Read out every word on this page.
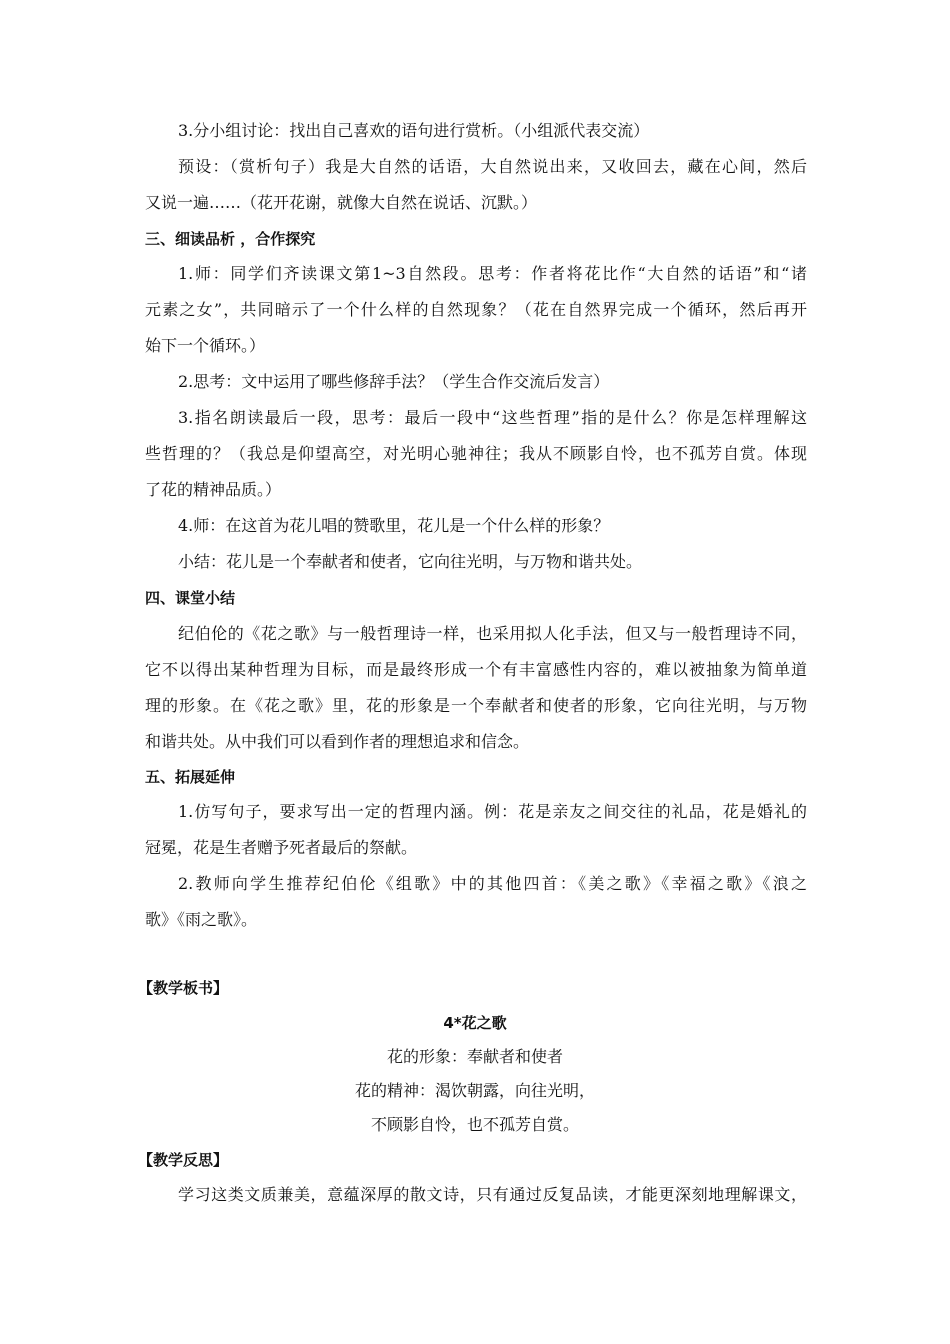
3.分小组讨论：找出自己喜欢的语句进行赏析。（小组派代表交流）
预设：（赏析句子）我是大自然的话语，大自然说出来，又收回去，藏在心间，然后
又说一遍……（花开花谢，就像大自然在说话、沉默。）
三、细读品析 ，合作探究
1.师：同学们齐读课文第1~3自然段。思考：作者将花比作“大自然的话语”和“诸
元素之女”，共同暗示了一个什么样的自然现象？（花在自然界完成一个循环，然后再开
始下一个循环。）
2.思考：文中运用了哪些修辞手法？（学生合作交流后发言）
3.指名朗读最后一段，思考：最后一段中“这些哲理”指的是什么？你是怎样理解这
些哲理的？（我总是仰望高空，对光明心驰神往；我从不顾影自怜，也不孤芳自赏。体现
了花的精神品质。）
4.师：在这首为花儿唱的赞歌里，花儿是一个什么样的形象？
小结：花儿是一个奉献者和使者，它向往光明，与万物和谐共处。
四、课堂小结
纪伯伦的《花之歌》与一般哲理诗一样，也采用拟人化手法，但又与一般哲理诗不同，
它不以得出某种哲理为目标，而是最终形成一个有丰富感性内容的，难以被抽象为简单道
理的形象。在《花之歌》里，花的形象是一个奉献者和使者的形象，它向往光明，与万物
和谐共处。从中我们可以看到作者的理想追求和信念。
五、拓展延伸
1.仿写句子，要求写出一定的哲理内涵。例：花是亲友之间交往的礼品，花是婚礼的
冠冕，花是生者赠予死者最后的祭献。
2.教师向学生推荐纪伯伦《组歌》中的其他四首：《美之歌》《幸福之歌》《浪之
歌》《雨之歌》。
【教学板书】
4*花之歌
花的形象：奉献者和使者
花的精神：渴饮朝露，向往光明，
不顾影自怜，也不孤芳自赏。
【教学反思】
学习这类文质兼美，意蕴深厚的散文诗，只有通过反复品读，才能更深刻地理解课文，
